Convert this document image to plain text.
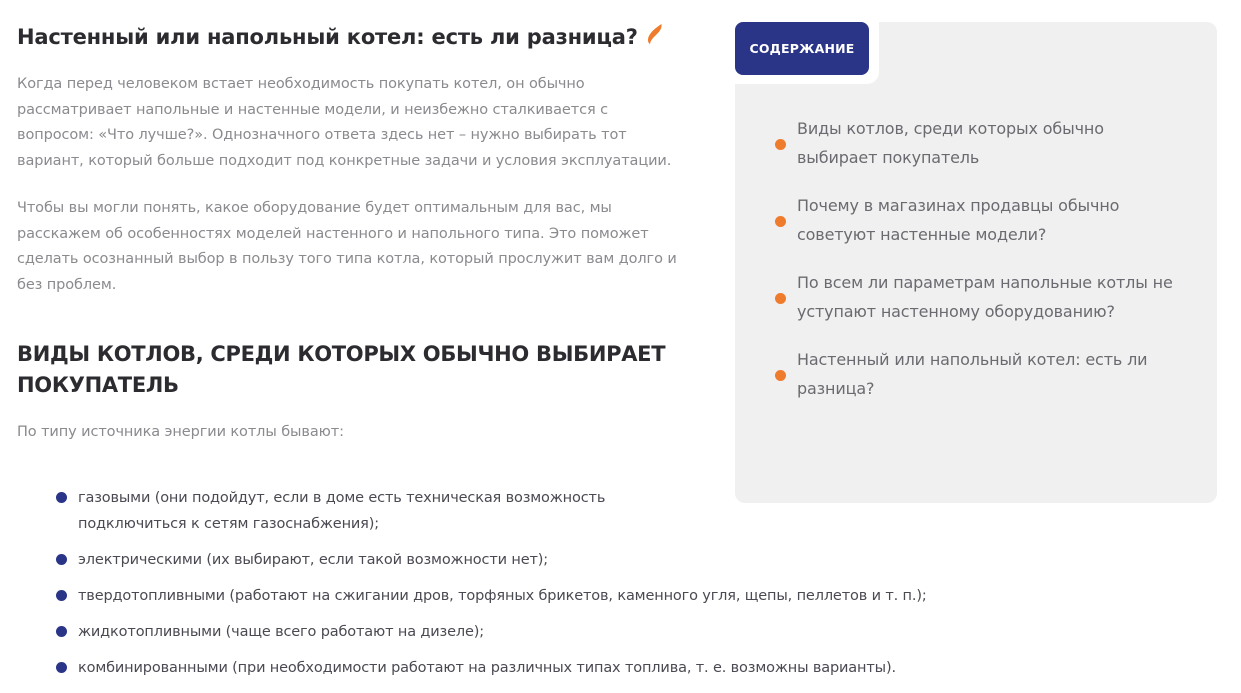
Настенный или напольный котел: есть ли разница?

Когда перед человеком встает необходимость покупать котел, он обычно рассматривает напольные и настенные модели, и неизбежно сталкивается с вопросом: «Что лучше?». Однозначного ответа здесь нет – нужно выбирать тот вариант, который больше подходит под конкретные задачи и условия эксплуатации.

Чтобы вы могли понять, какое оборудование будет оптимальным для вас, мы расскажем об особенностях моделей настенного и напольного типа. Это поможет сделать осознанный выбор в пользу того типа котла, который прослужит вам долго и без проблем.

ВИДЫ КОТЛОВ, СРЕДИ КОТОРЫХ ОБЫЧНО ВЫБИРАЕТ ПОКУПАТЕЛЬ

По типу источника энергии котлы бывают:

газовыми (они подойдут, если в доме есть техническая возможность подключиться к сетям газоснабжения);
электрическими (их выбирают, если такой возможности нет);
твердотопливными (работают на сжигании дров, торфяных брикетов, каменного угля, щепы, пеллетов и т. п.);
жидкотопливными (чаще всего работают на дизеле);
комбинированными (при необходимости работают на различных типах топлива, т. е. возможны варианты).
СОДЕРЖАНИЕ
Виды котлов, среди которых обычно выбирает покупатель
Почему в магазинах продавцы обычно советуют настенные модели?
По всем ли параметрам напольные котлы не уступают настенному оборудованию?
Настенный или напольный котел: есть ли разница?
